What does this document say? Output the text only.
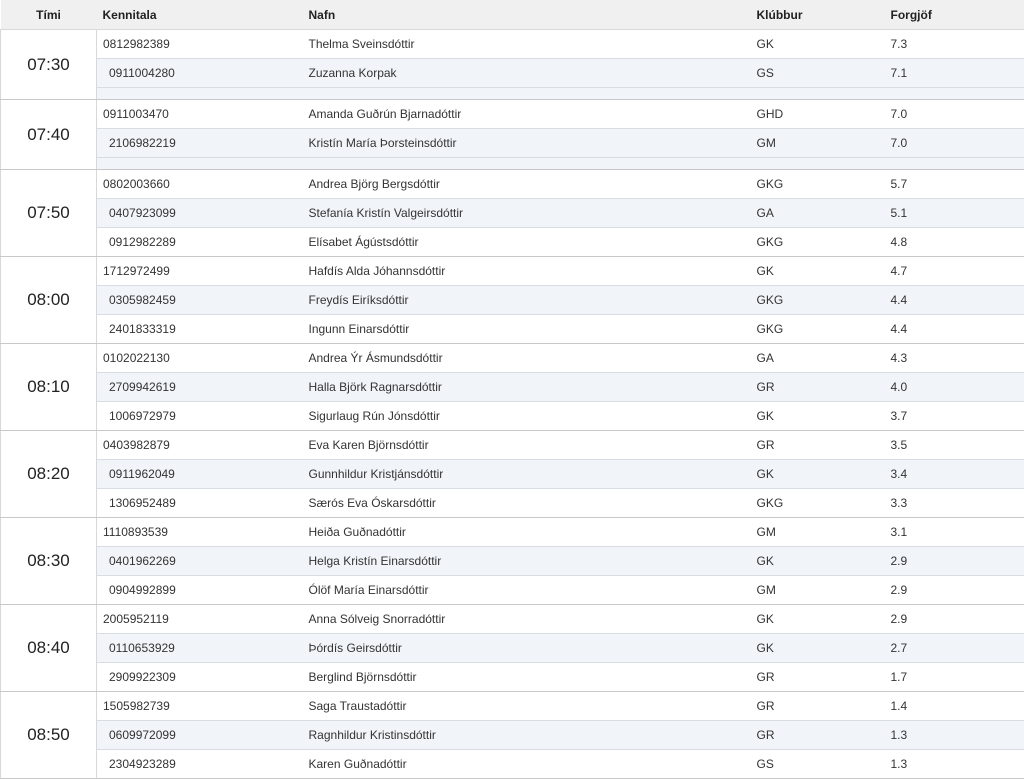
Tími	Kennitala	Nafn	Klúbbur	Forgjöf
07:30	0812982389	Thelma Sveinsdóttir	GK	7.3
	0911004280	Zuzanna Korpak	GS	7.1

07:40	0911003470	Amanda Guðrún Bjarnadóttir	GHD	7.0
	2106982219	Kristín María Þorsteinsdóttir	GM	7.0

07:50	0802003660	Andrea Björg Bergsdóttir	GKG	5.7
	0407923099	Stefanía Kristín Valgeirsdóttir	GA	5.1
	0912982289	Elísabet Ágústsdóttir	GKG	4.8
08:00	1712972499	Hafdís Alda Jóhannsdóttir	GK	4.7
	0305982459	Freydís Eiríksdóttir	GKG	4.4
	2401833319	Ingunn Einarsdóttir	GKG	4.4
08:10	0102022130	Andrea Ýr Ásmundsdóttir	GA	4.3
	2709942619	Halla Björk Ragnarsdóttir	GR	4.0
	1006972979	Sigurlaug Rún Jónsdóttir	GK	3.7
08:20	0403982879	Eva Karen Björnsdóttir	GR	3.5
	0911962049	Gunnhildur Kristjánsdóttir	GK	3.4
	1306952489	Særós Eva Óskarsdóttir	GKG	3.3
08:30	1110893539	Heiða Guðnadóttir	GM	3.1
	0401962269	Helga Kristín Einarsdóttir	GK	2.9
	0904992899	Ólöf María Einarsdóttir	GM	2.9
08:40	2005952119	Anna Sólveig Snorradóttir	GK	2.9
	0110653929	Þórdís Geirsdóttir	GK	2.7
	2909922309	Berglind Björnsdóttir	GR	1.7
08:50	1505982739	Saga Traustadóttir	GR	1.4
	0609972099	Ragnhildur Kristinsdóttir	GR	1.3
	2304923289	Karen Guðnadóttir	GS	1.3
